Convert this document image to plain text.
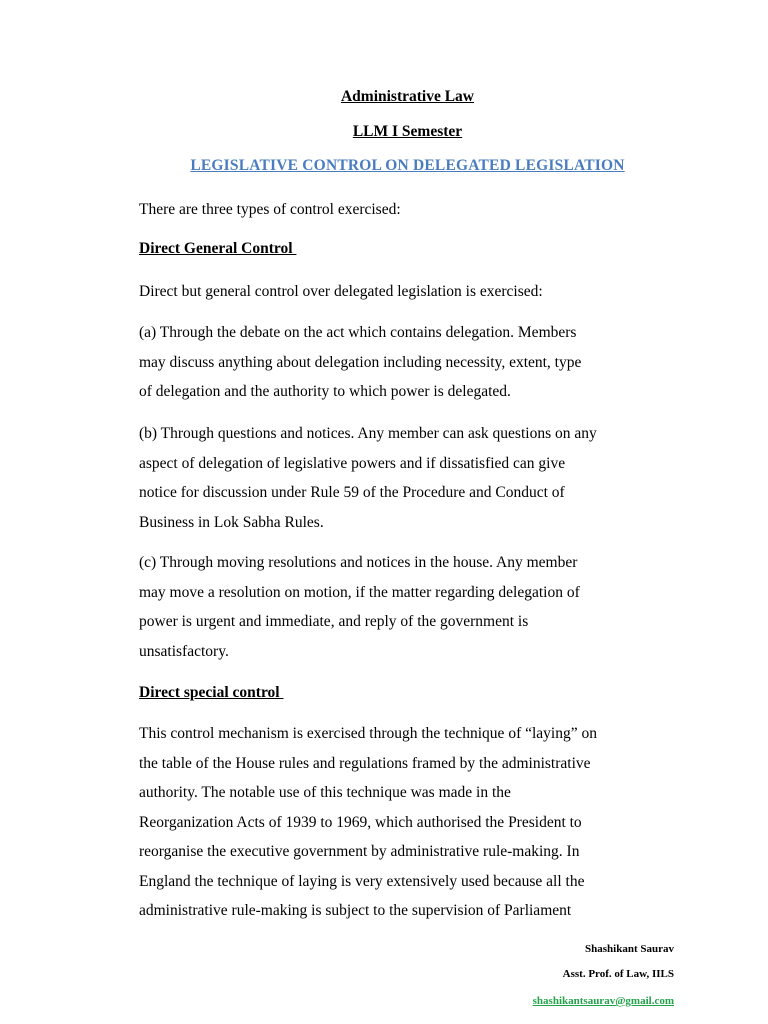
Administrative Law
LLM I Semester
LEGISLATIVE CONTROL ON DELEGATED LEGISLATION

There are three types of control exercised:

Direct General Control

Direct but general control over delegated legislation is exercised:

(a) Through the debate on the act which contains delegation. Members
may discuss anything about delegation including necessity, extent, type
of delegation and the authority to which power is delegated.

(b) Through questions and notices. Any member can ask questions on any
aspect of delegation of legislative powers and if dissatisfied can give
notice for discussion under Rule 59 of the Procedure and Conduct of
Business in Lok Sabha Rules.

(c) Through moving resolutions and notices in the house. Any member
may move a resolution on motion, if the matter regarding delegation of
power is urgent and immediate, and reply of the government is
unsatisfactory.

Direct special control

This control mechanism is exercised through the technique of “laying” on
the table of the House rules and regulations framed by the administrative
authority. The notable use of this technique was made in the
Reorganization Acts of 1939 to 1969, which authorised the President to
reorganise the executive government by administrative rule-making. In
England the technique of laying is very extensively used because all the
administrative rule-making is subject to the supervision of Parliament

Shashikant Saurav
Asst. Prof. of Law, IILS
shashikantsaurav@gmail.com
